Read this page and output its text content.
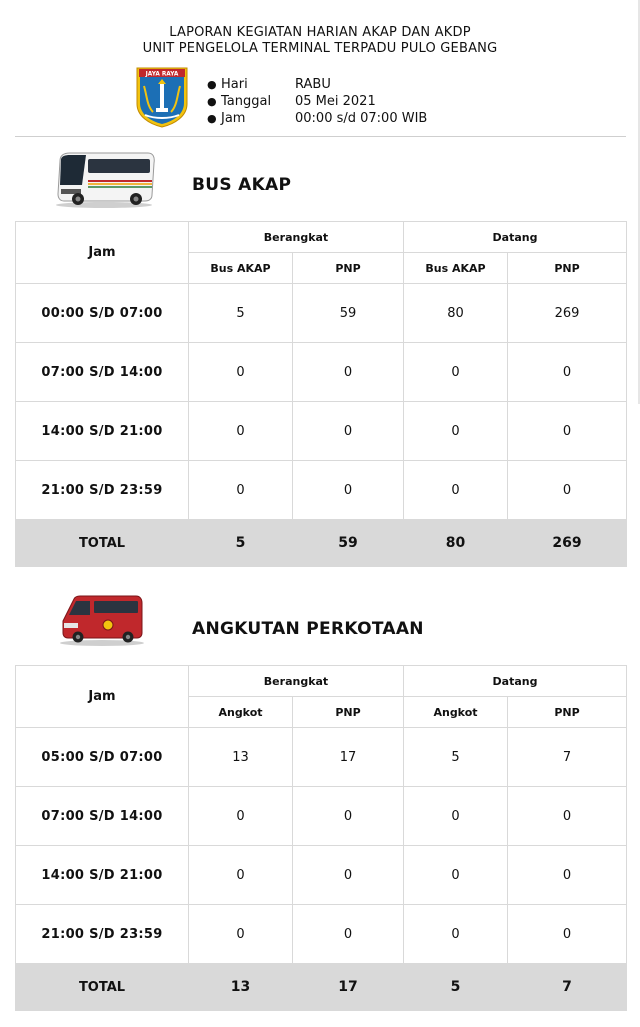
LAPORAN KEGIATAN HARIAN AKAP DAN AKDP
UNIT PENGELOLA TERMINAL TERPADU PULO GEBANG
JAYA RAYA
● Hari	RABU
● Tanggal 05 Mei 2021
● Jam	00:00 s/d 07:00 WIB
BUS AKAP
Jam	Berangkat		Datang	
	Bus AKAP	PNP	Bus AKAP	PNP
00:00 S/D 07:00	5	59	80	269
07:00 S/D 14:00	0	0	0	0
14:00 S/D 21:00	0	0	0	0
21:00 S/D 23:59	0	0	0	0
TOTAL	5	59	80	269
ANGKUTAN PERKOTAAN
Jam	Berangkat		Datang	
	Angkot	PNP	Angkot	PNP
05:00 S/D 07:00	13	17	5	7
07:00 S/D 14:00	0	0	0	0
14:00 S/D 21:00	0	0	0	0
21:00 S/D 23:59	0	0	0	0
TOTAL	13	17	5	7
